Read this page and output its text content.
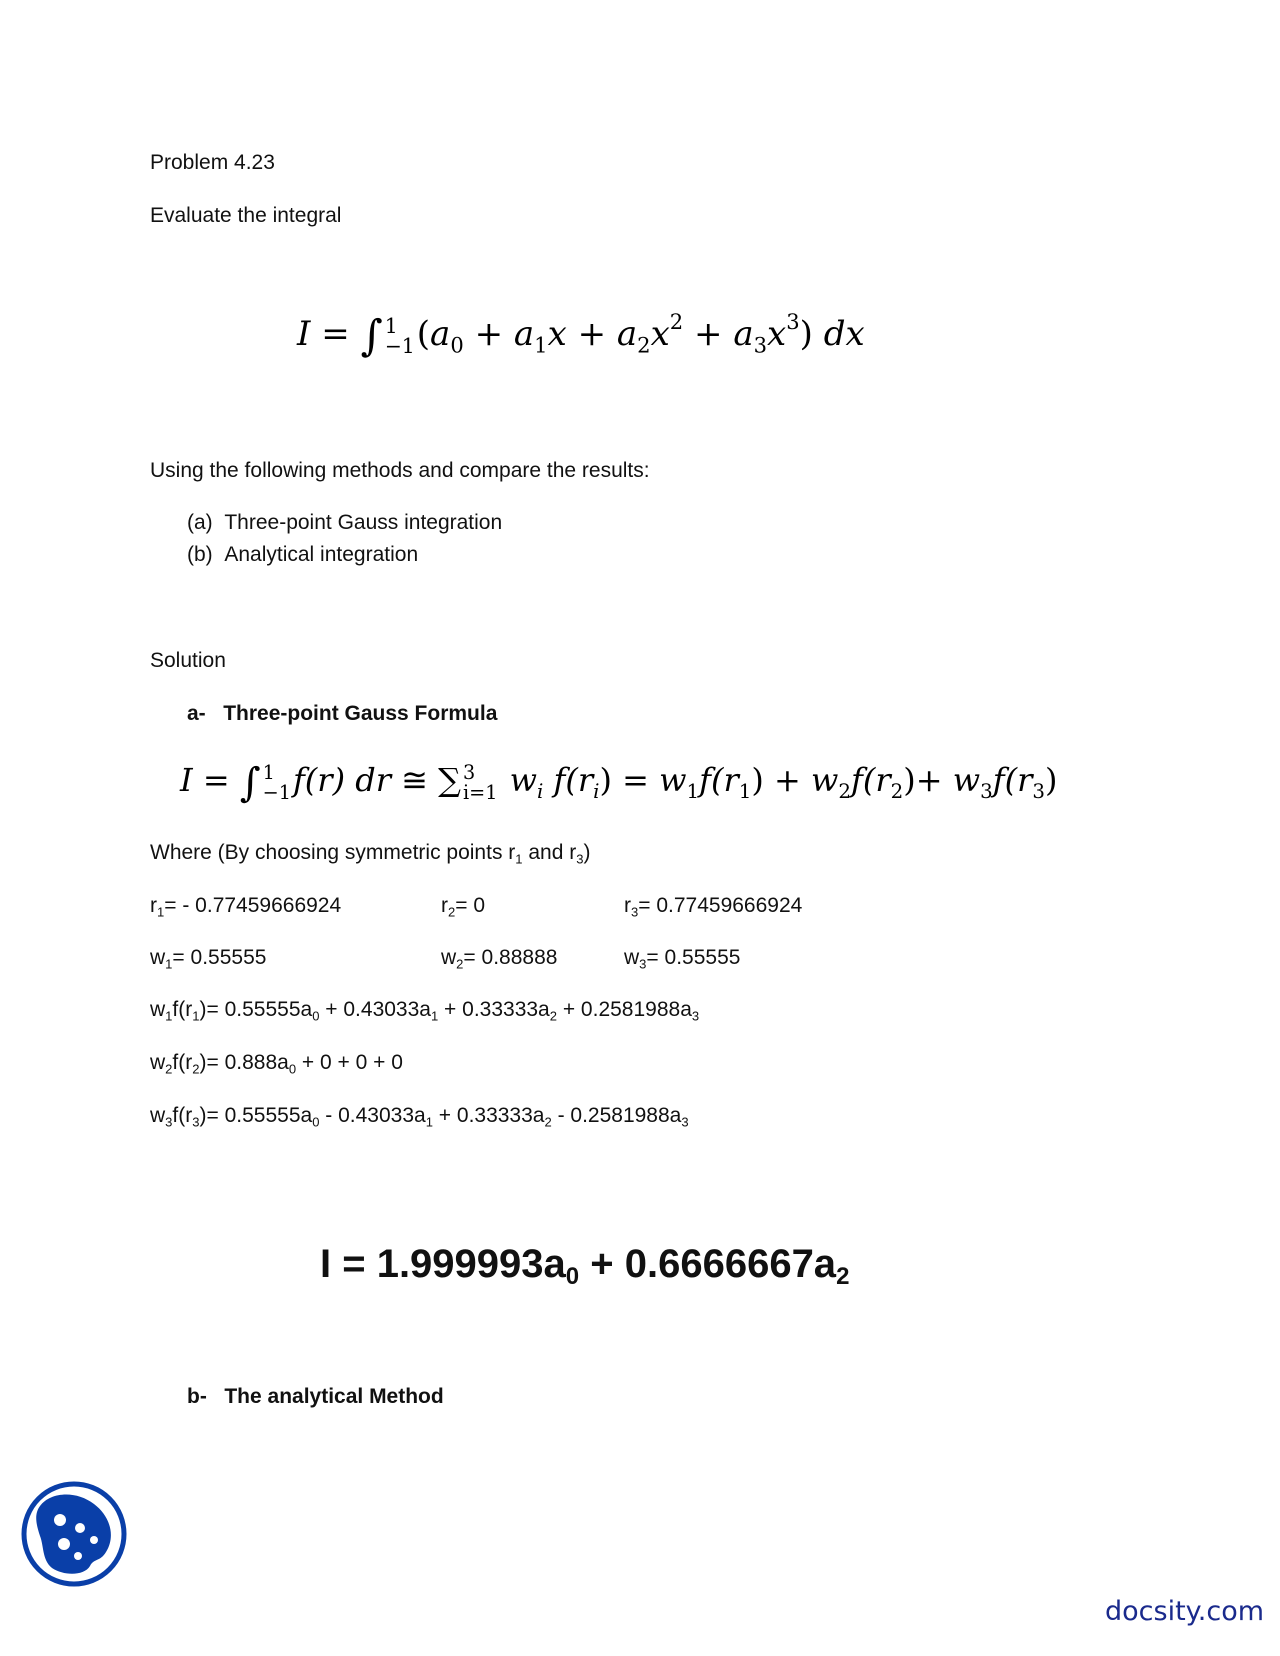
Problem 4.23
Evaluate the integral
I = ∫ 1
−1 $(a_0 + a_1x + a_2x^2 + a_3x^3)$ dx
Using the following methods and compare the results:
(a) Three-point Gauss integration
(b) Analytical integration
Solution
a- Three-point Gauss Formula
I = ∫ 1
−1 f(r) dr ≅ ∑ 3
i=1 $w_i$ $f(r_i) = w_1f(r_1) + w_2f(r_2)+ w_3f(r_3)$
Where (By choosing symmetric points $r_1$ and $r_3$)
$r_1= - 0.77459666924$	$r_2= 0$	$r_3= 0.77459666924$
$w_1= 0.55555$	$w_2= 0.88888$	$w_3= 0.55555$
$w_1f(r_1)= 0.55555a_0 + 0.43033a_1 + 0.33333a_2 + 0.2581988a_3$
$w_2f(r_2)= 0.888a_0 + 0 + 0 + 0$
$w_3f(r_3)= 0.55555a_0 - 0.43033a_1 + 0.33333a_2 - 0.2581988a_3$
$I = 1.999993a_0 + 0.6666667a_2$
b- The analytical Method
docsity.com
